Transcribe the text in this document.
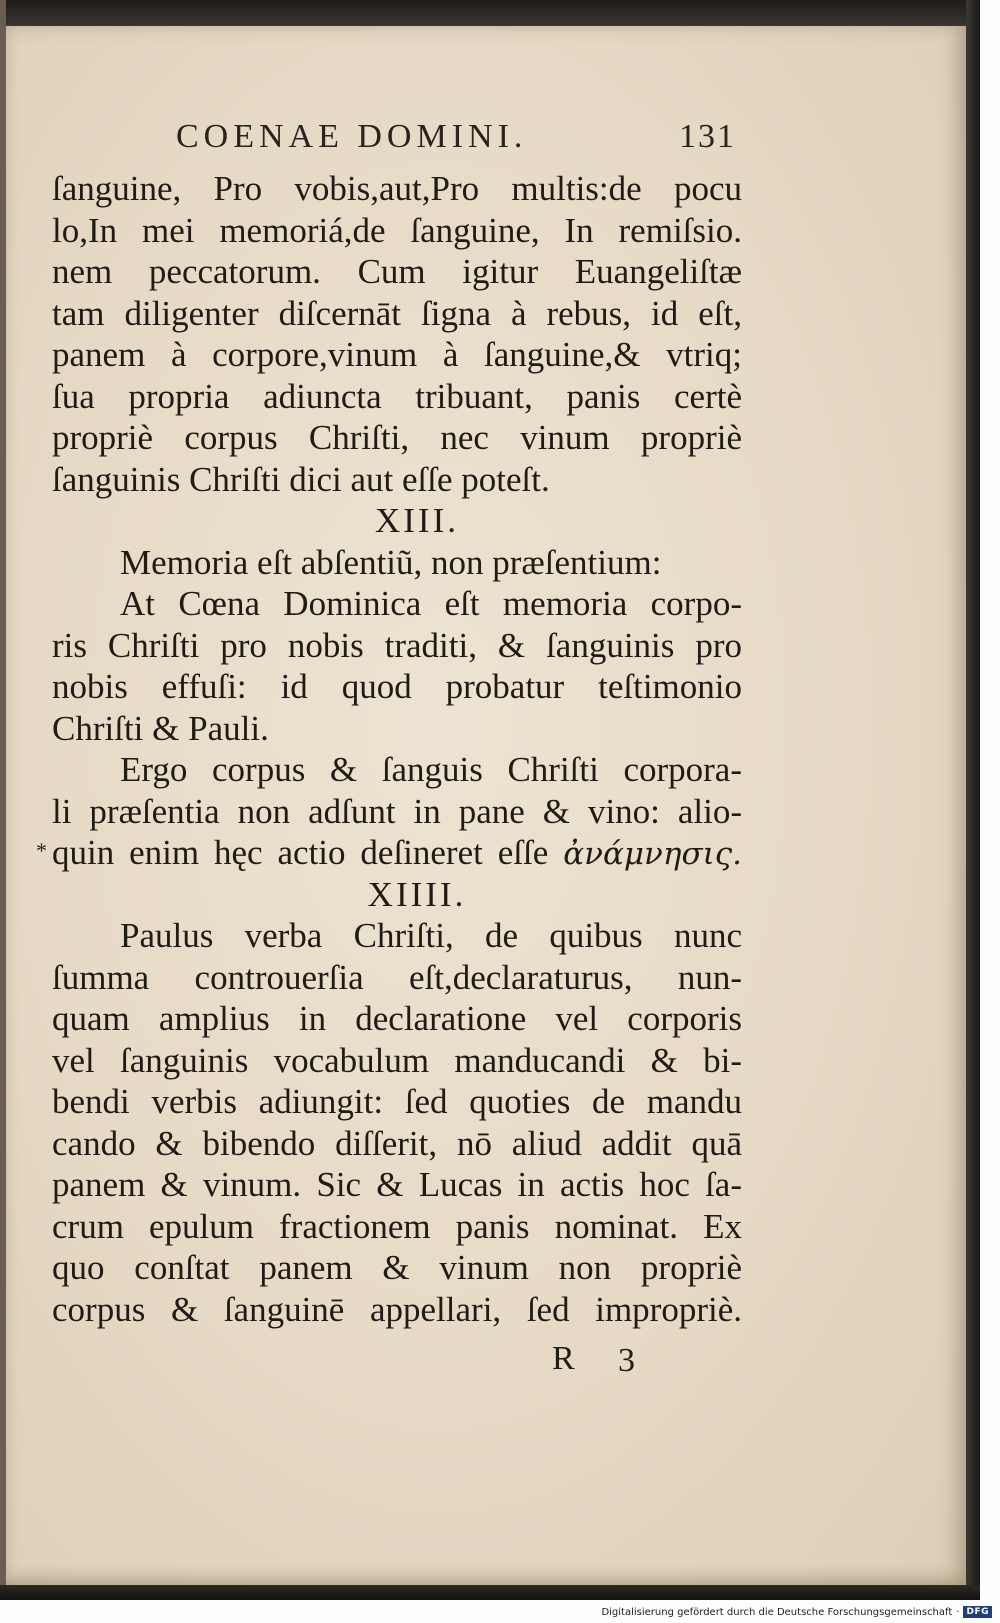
COENAE DOMINI.	131
*
ſanguine, Pro vobis,aut,Pro multis:de pocu
lo,In mei memoriá,de ſanguine, In remiſsio.
nem peccatorum. Cum igitur Euangeliſtæ
tam diligenter diſcernāt ſigna à rebus, id eſt,
panem à corpore,vinum à ſanguine,& vtriq;
ſua propria adiuncta tribuant, panis certè
propriè corpus Chriſti, nec vinum propriè
ſanguinis Chriſti dici aut eſſe poteſt.
XIII.
Memoria eſt abſentiũ, non præſentium:
At Cœna Dominica eſt memoria corpo-
ris Chriſti pro nobis traditi, & ſanguinis pro
nobis effuſi: id quod probatur teſtimonio
Chriſti & Pauli.
Ergo corpus & ſanguis Chriſti corpora-
li præſentia non adſunt in pane & vino: alio-
quin enim hęc actio deſineret eſſe ἀνάμνησις.
XIIII.
Paulus verba Chriſti, de quibus nunc
ſumma controuerſia eſt,declaraturus, nun-
quam amplius in declaratione vel corporis
vel ſanguinis vocabulum manducandi & bi-
bendi verbis adiungit: ſed quoties de mandu
cando & bibendo diſſerit, nō aliud addit quā
panem & vinum. Sic & Lucas in actis hoc ſa-
crum epulum fractionem panis nominat. Ex
quo conſtat panem & vinum non propriè
corpus & ſanguinē appellari, ſed impropriè.
R 3
Digitalisierung gefördert durch die Deutsche Forschungsgemeinschaft · DFG
